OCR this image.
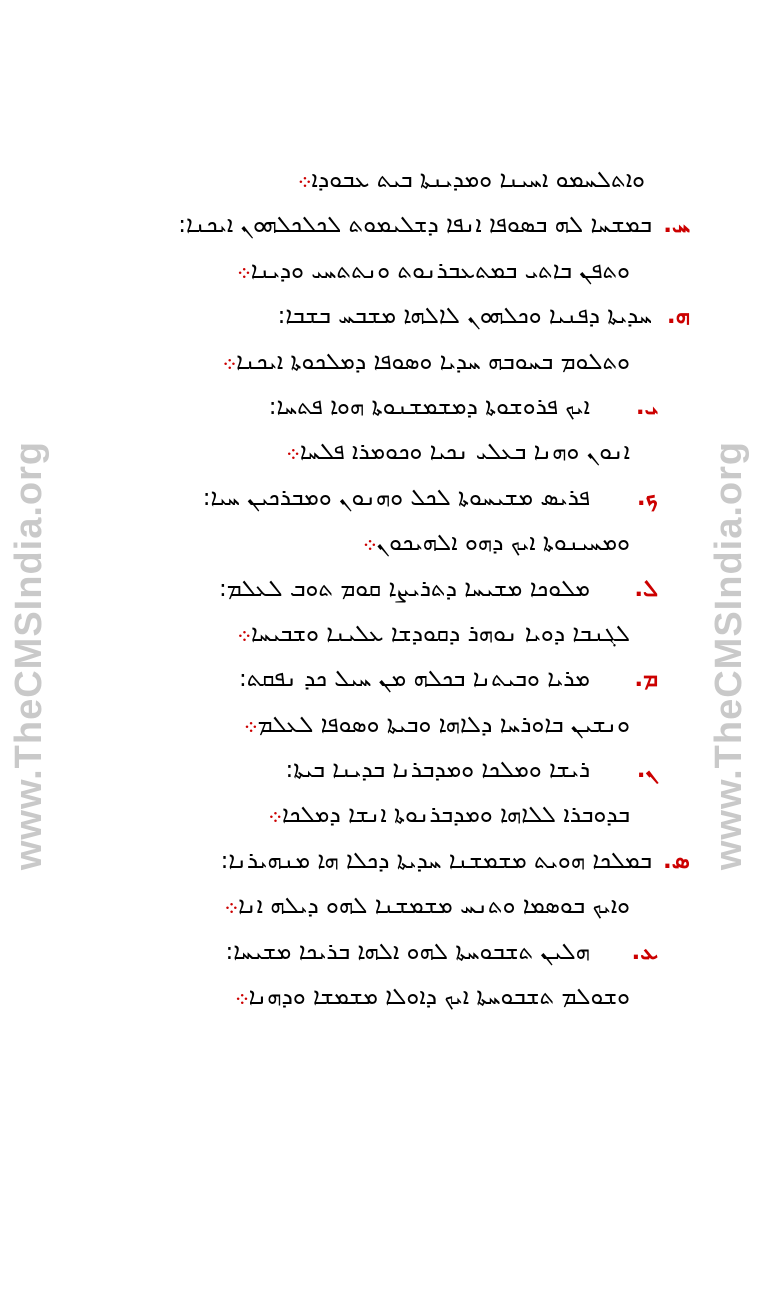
www.TheCMSIndia.org	www.TheCMSIndia.org
ܘܐܬܠܚܡܘ ܐܚܝܢܐ ܘܡܕܝܢܬܐ ܒܝܬ ܥܒܘܕܐ܀
ܚ.
ܒܡܫܚܐ ܠܗ ܒܣܘܦܐ ܐܢܦܐ ܕܫܠܝܡܘܬ ܠܟܠܟܠܗܘܢ ܐܝܟܢܐ:
ܘܬܦܢ ܒܐܬܝ ܒܡܬܥܒܪܢܘܬ ܘܢܬܬܚܝ ܘܕܝܢܐ܀
ܗ.
ܚܕܝܬܐ ܕܦܢܝܐ ܘܟܠܗܘܢ ܠܐܠܗܐ ܡܫܒܚ ܒܫܒܐ:
ܘܬܠܘܡ ܒܚܘܒܗ ܚܕܝܐ ܘܣܘܦܐ ܕܡܠܟܘܬܐ ܐܝܟܢܐ܀
ܝ.
ܐܝܟ ܦܪܘܫܘܬܐ ܕܡܫܡܫܢܘܬܐ ܗܘܐ ܦܬܚܐ:
ܐܢܘܢ ܘܗܢܐ ܒܥܠܝ ܢܟܝܐ ܘܟܘܡܪܐ ܦܠܚܐ܀
ܟ.
ܦܪܝܣ ܡܫܝܚܘܬܐ ܠܟܠ ܘܗܢܘܢ ܘܡܒܪܟܝܢ ܚܝܐ:
ܘܡܚܝܢܘܬܐ ܐܝܟ ܕܗܘ ܐܠܗܝܟܘܢ܀
ܠ.
ܡܠܘܟܐ ܡܫܝܚܐ ܕܬܪܝܨܐ ܩܘܡ ܬܘܒ ܠܥܠܡ:
ܠܓܢܒܐ ܕܘܝܐ ܢܘܗܪ ܕܩܘܕܫܐ ܥܠܝܢܐ ܘܫܒܝܚܐ܀
ܡ.
ܡܪܝܐ ܘܒܝܬܢܐ ܒܟܠܗ ܡܢ ܚܝܠ ܟܕ ܢܦܩܬ:
ܘܢܫܝܢ ܒܐܘܪܚܐ ܕܠܐܗܐ ܘܒܝܬܐ ܘܣܘܦܐ ܠܥܠܡ܀
ܢ.
ܪܝܫܐ ܘܡܠܟܐ ܘܡܕܒܪܢܐ ܒܕܝܢܐ ܒܝܬܐ:
ܒܕܘܒܪܐ ܠܠܐܗܐ ܘܡܕܒܪܢܘܬܐ ܐܢܫܐ ܕܡܠܟܐ܀
ܣ.
ܒܡܠܟܐ ܗܘܝܬ ܡܫܡܫܢܐ ܚܕܝܬܐ ܕܟܠܐ ܗܐ ܡܢܗܝܪܢܐ:
ܘܐܝܟ ܒܘܣܡܐ ܘܬܢܚ ܡܫܡܫܢܐ ܠܗܘ ܕܝܠܗ ܐܢܐ܀
ܥ.
ܗܠܝܢ ܬܫܒܘܚܬܐ ܠܗܘ ܐܠܗܐ ܒܪܝܟܐ ܡܫܝܚܐ:
ܘܫܘܠܡ ܬܫܒܘܚܬܐ ܐܝܟ ܕܐܘܠܐ ܡܫܡܫܐ ܘܕܗܢܐ܀
